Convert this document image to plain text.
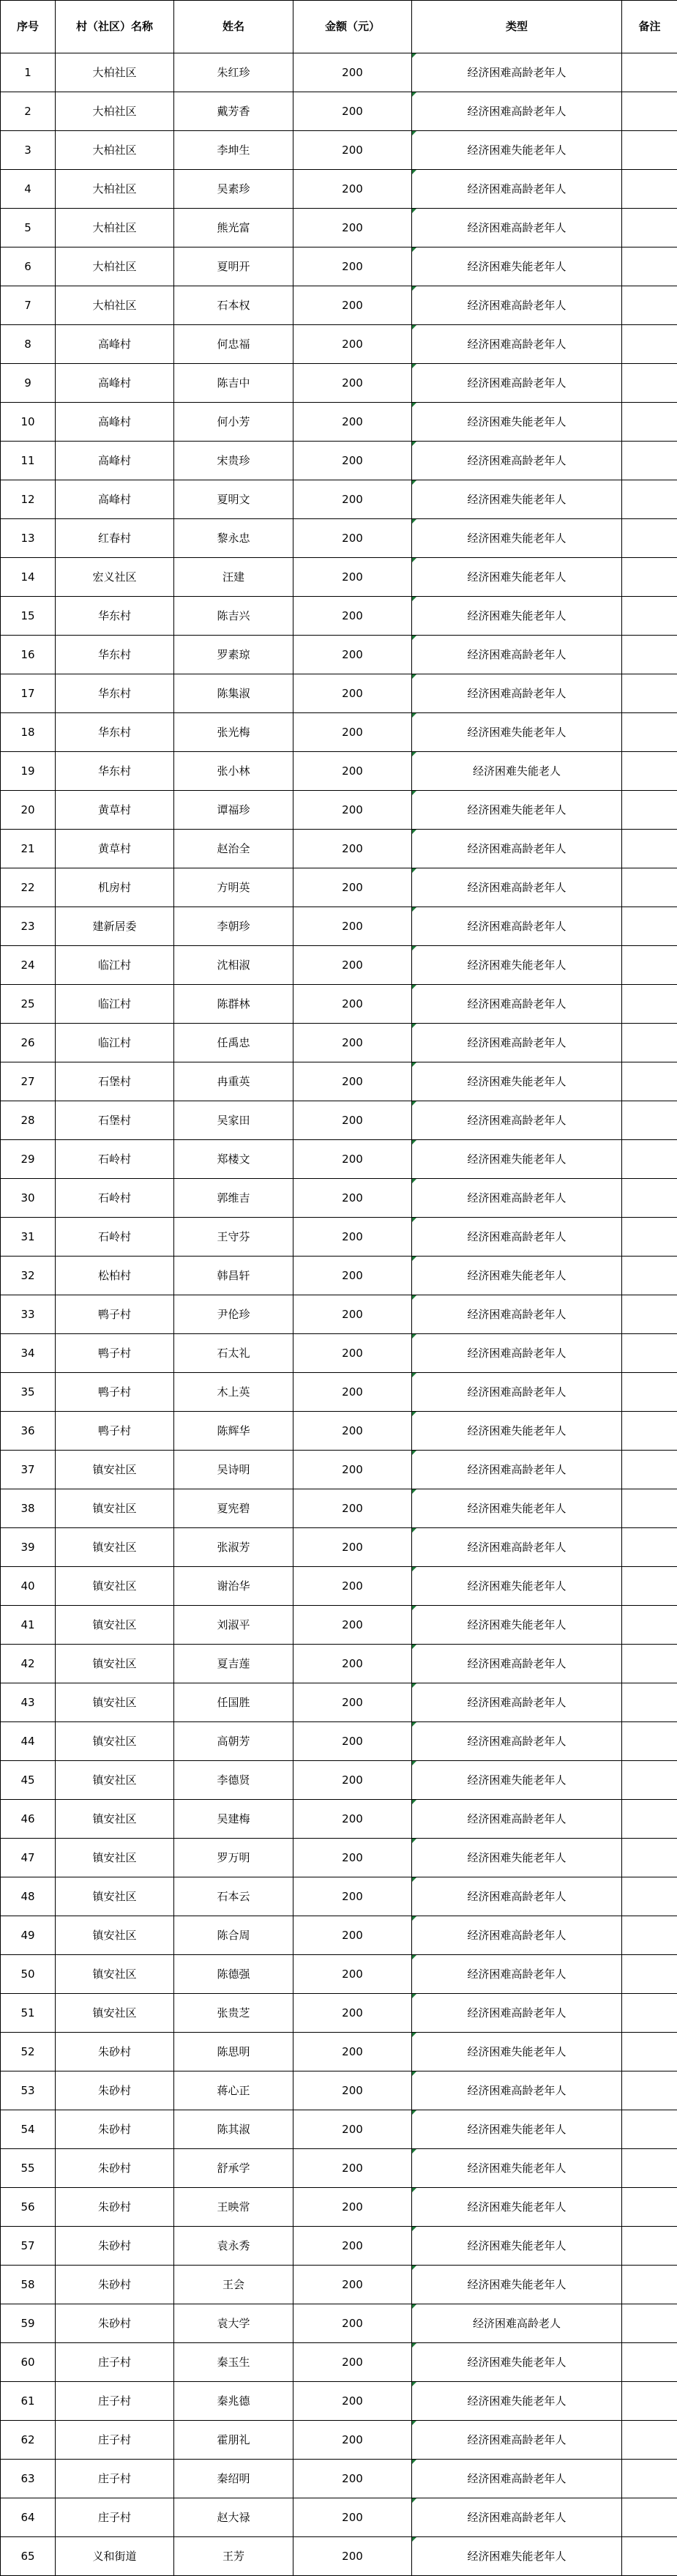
序号	村（社区）名称	姓名	金额（元）	类型	备注
1	大柏社区	朱红珍	200	经济困难高龄老年人	
2	大柏社区	戴芳香	200	经济困难高龄老年人	
3	大柏社区	李坤生	200	经济困难失能老年人	
4	大柏社区	吴素珍	200	经济困难高龄老年人	
5	大柏社区	熊光富	200	经济困难高龄老年人	
6	大柏社区	夏明开	200	经济困难失能老年人	
7	大柏社区	石本权	200	经济困难高龄老年人	
8	高峰村	何忠福	200	经济困难高龄老年人	
9	高峰村	陈吉中	200	经济困难高龄老年人	
10	高峰村	何小芳	200	经济困难失能老年人	
11	高峰村	宋贵珍	200	经济困难高龄老年人	
12	高峰村	夏明文	200	经济困难失能老年人	
13	红春村	黎永忠	200	经济困难失能老年人	
14	宏义社区	汪建	200	经济困难失能老年人	
15	华东村	陈吉兴	200	经济困难失能老年人	
16	华东村	罗素琼	200	经济困难高龄老年人	
17	华东村	陈集淑	200	经济困难高龄老年人	
18	华东村	张光梅	200	经济困难失能老年人	
19	华东村	张小林	200	经济困难失能老人	
20	黄草村	谭福珍	200	经济困难失能老年人	
21	黄草村	赵治全	200	经济困难高龄老年人	
22	机房村	方明英	200	经济困难高龄老年人	
23	建新居委	李朝珍	200	经济困难高龄老年人	
24	临江村	沈相淑	200	经济困难失能老年人	
25	临江村	陈群林	200	经济困难高龄老年人	
26	临江村	任禹忠	200	经济困难高龄老年人	
27	石堡村	冉重英	200	经济困难失能老年人	
28	石堡村	吴家田	200	经济困难高龄老年人	
29	石岭村	郑楼文	200	经济困难失能老年人	
30	石岭村	郭维吉	200	经济困难高龄老年人	
31	石岭村	王守芬	200	经济困难高龄老年人	
32	松柏村	韩昌轩	200	经济困难失能老年人	
33	鸭子村	尹伦珍	200	经济困难高龄老年人	
34	鸭子村	石太礼	200	经济困难高龄老年人	
35	鸭子村	木上英	200	经济困难高龄老年人	
36	鸭子村	陈辉华	200	经济困难失能老年人	
37	镇安社区	吴诗明	200	经济困难高龄老年人	
38	镇安社区	夏宪碧	200	经济困难失能老年人	
39	镇安社区	张淑芳	200	经济困难高龄老年人	
40	镇安社区	谢治华	200	经济困难失能老年人	
41	镇安社区	刘淑平	200	经济困难失能老年人	
42	镇安社区	夏吉莲	200	经济困难高龄老年人	
43	镇安社区	任国胜	200	经济困难高龄老年人	
44	镇安社区	高朝芳	200	经济困难高龄老年人	
45	镇安社区	李德贤	200	经济困难失能老年人	
46	镇安社区	吴建梅	200	经济困难高龄老年人	
47	镇安社区	罗万明	200	经济困难失能老年人	
48	镇安社区	石本云	200	经济困难高龄老年人	
49	镇安社区	陈合周	200	经济困难高龄老年人	
50	镇安社区	陈德强	200	经济困难高龄老年人	
51	镇安社区	张贵芝	200	经济困难高龄老年人	
52	朱砂村	陈思明	200	经济困难失能老年人	
53	朱砂村	蒋心正	200	经济困难高龄老年人	
54	朱砂村	陈其淑	200	经济困难失能老年人	
55	朱砂村	舒承学	200	经济困难失能老年人	
56	朱砂村	王映常	200	经济困难失能老年人	
57	朱砂村	袁永秀	200	经济困难失能老年人	
58	朱砂村	王会	200	经济困难失能老年人	
59	朱砂村	袁大学	200	经济困难高龄老人	
60	庄子村	秦玉生	200	经济困难失能老年人	
61	庄子村	秦兆德	200	经济困难失能老年人	
62	庄子村	霍朋礼	200	经济困难高龄老年人	
63	庄子村	秦绍明	200	经济困难高龄老年人	
64	庄子村	赵大禄	200	经济困难高龄老年人	
65	义和街道	王芳	200	经济困难失能老年人	
